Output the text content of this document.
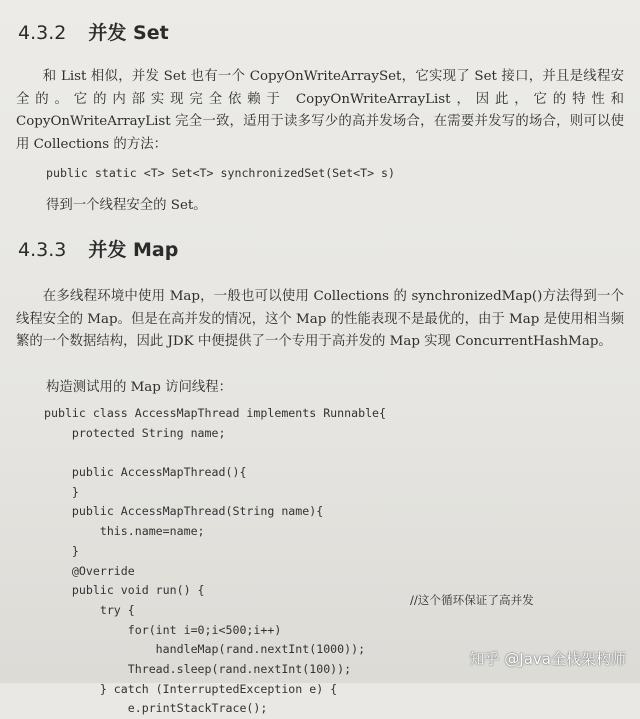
4.3.2 并发 Set
和 List 相似，并发 Set 也有一个 CopyOnWriteArraySet，它实现了 Set 接口，并且是线程安全的。它的内部实现完全依赖于 CopyOnWriteArrayList，因此，它的特性和 CopyOnWriteArrayList 完全一致，适用于读多写少的高并发场合，在需要并发写的场合，则可以使用 Collections 的方法：
public static <T> Set<T> synchronizedSet(Set<T> s)
得到一个线程安全的 Set。
4.3.3 并发 Map
在多线程环境中使用 Map，一般也可以使用 Collections 的 synchronizedMap()方法得到一个线程安全的 Map。但是在高并发的情况，这个 Map 的性能表现不是最优的，由于 Map 是使用相当频繁的一个数据结构，因此 JDK 中便提供了一个专用于高并发的 Map 实现 ConcurrentHashMap。
构造测试用的 Map 访问线程：
public class AccessMapThread implements Runnable{
protected String name;
public AccessMapThread(){
}
public AccessMapThread(String name){
this.name=name;
}
@Override
public void run() {
try {
for(int i=0;i<500;i++)
handleMap(rand.nextInt(1000));
Thread.sleep(rand.nextInt(100));
} catch (InterruptedException e) {
e.printStackTrace();
//这个循环保证了高并发
知乎 @Java全栈架构师
